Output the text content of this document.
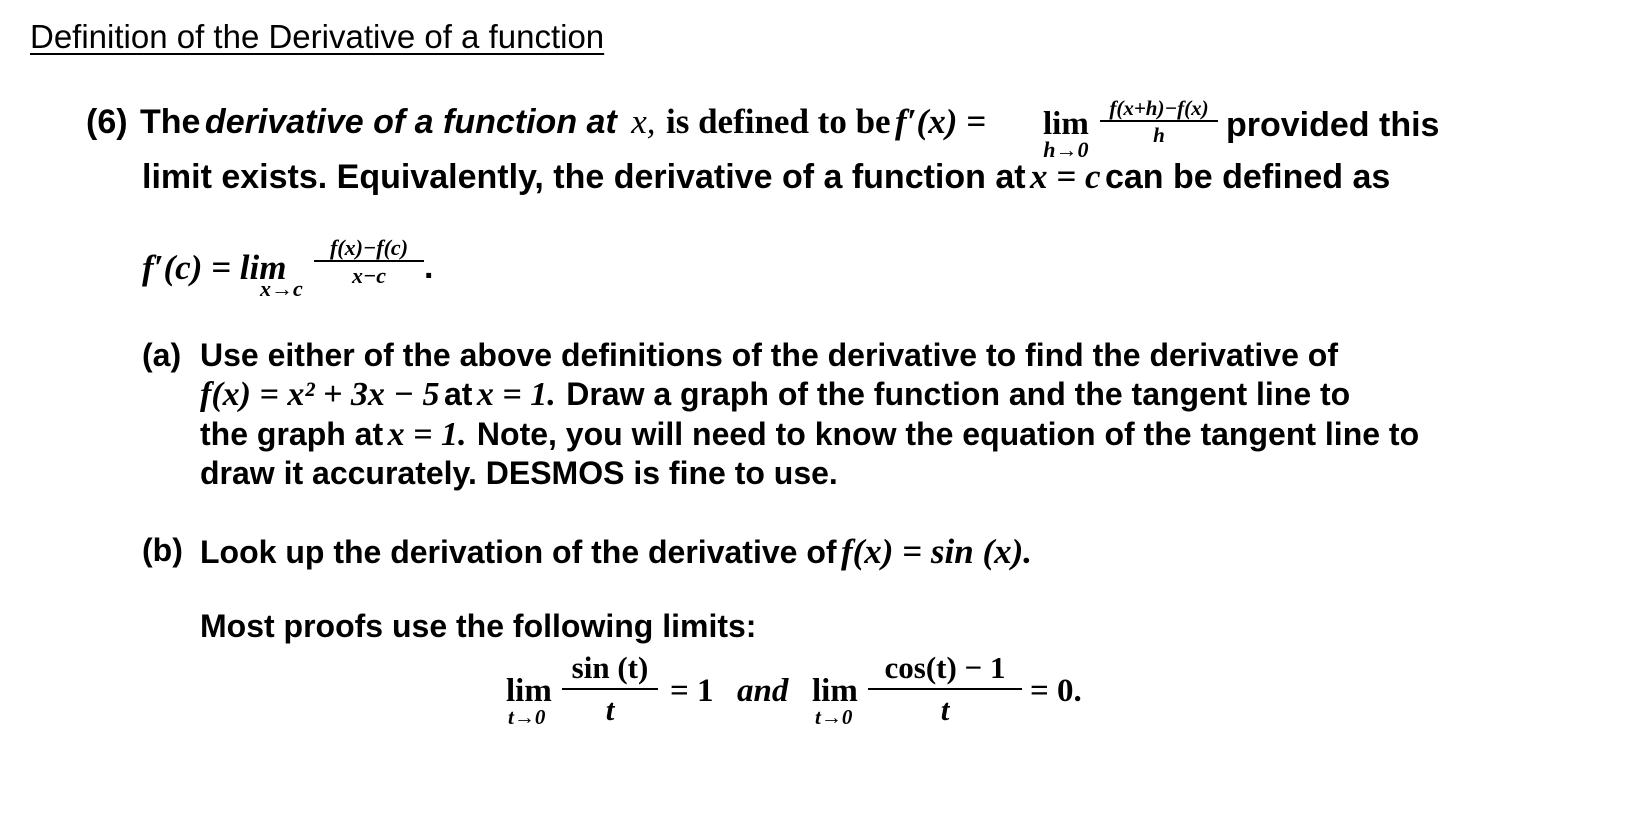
Definition of the Derivative of a function
(6) The derivative of a function at x, is defined to be f′(x) = lim
h→0
$\frac{f(x+h)-f(x)}{h}$ provided this
limit exists. Equivalently, the derivative of a function at x = c can be defined as
f′(c) = lim
$x\to c \frac{f(x)-f(c)}{x-c}$ .
(a) Use either of the above definitions of the derivative to find the derivative of
f(x) = x² + 3x − 5 at x = 1. Draw a graph of the function and the tangent line to
the graph at x = 1. Note, you will need to know the equation of the tangent line to
draw it accurately. DESMOS is fine to use.
(b) Look up the derivation of the derivative of f(x) = sin (x).
Most proofs use the following limits:
lim
$t\to 0 \frac{\sin (t)}{t} = 1$ and lim
$t\to 0 \frac{\cos(t) - 1}{t} = 0$.
